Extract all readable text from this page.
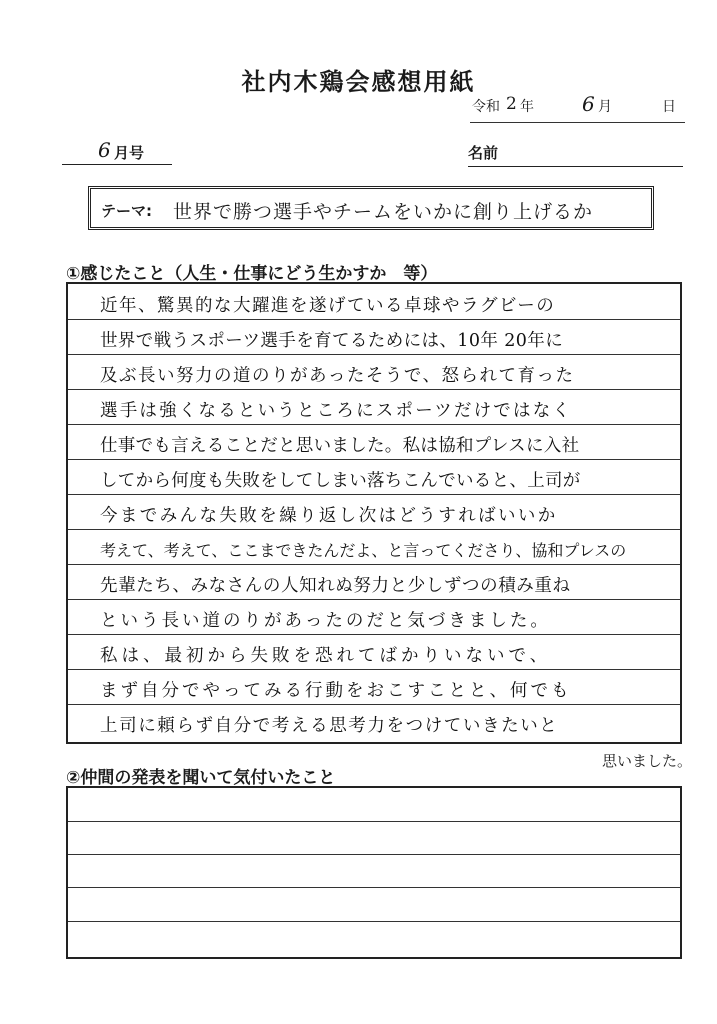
社内木鶏会感想用紙
令和 2 年 6 月	日
6 月号	名前
テーマ: 世界で勝つ選手やチームをいかに創り上げるか
①感じたこと（人生・仕事にどう生かすか　等）
近年、驚異的な大躍進を遂げている卓球やラグビーの
世界で戦うスポーツ選手を育てるためには、10年 20年に
及ぶ長い努力の道のりがあったそうで、怒られて育った
選手は強くなるというところにスポーツだけではなく
仕事でも言えることだと思いました。私は協和プレスに入社
してから何度も失敗をしてしまい落ちこんでいると、上司が
今までみんな失敗を繰り返し次はどうすればいいか
考えて、考えて、ここまできたんだよ、と言ってくださり、協和プレスの
先輩たち、みなさんの人知れぬ努力と少しずつの積み重ね
という長い道のりがあったのだと気づきました。
私は、最初から失敗を恐れてばかりいないで、
まず自分でやってみる行動をおこすことと、何でも
上司に頼らず自分で考える思考力をつけていきたいと
思いました。
②仲間の発表を聞いて気付いたこと
